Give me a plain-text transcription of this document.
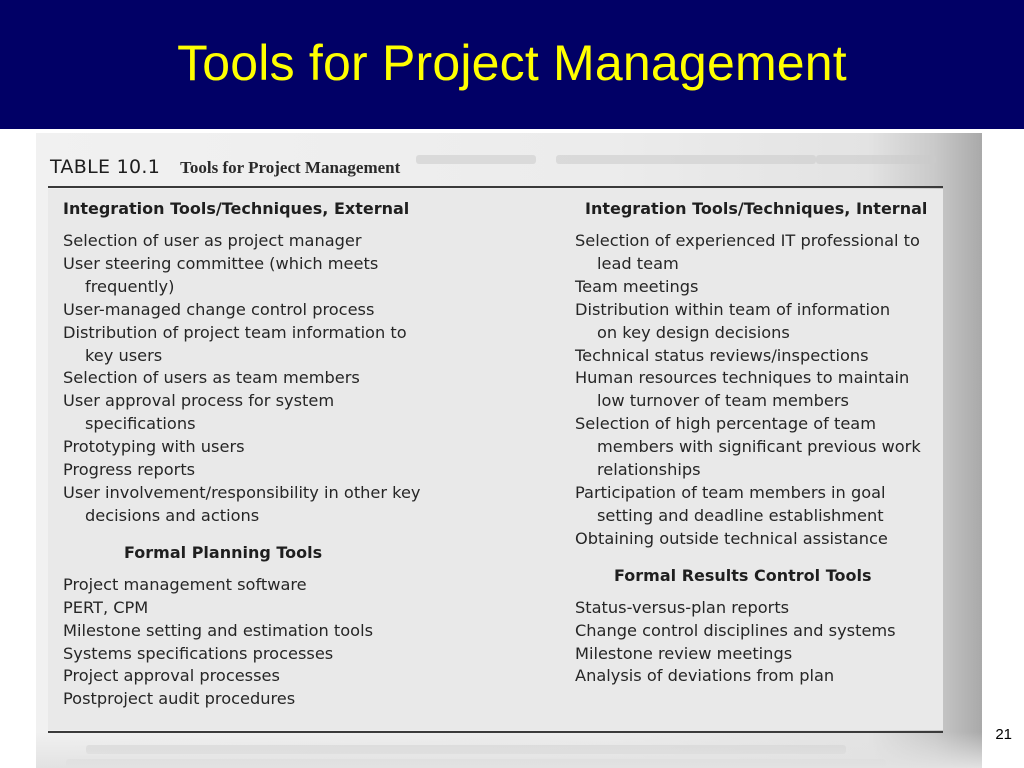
Tools for Project Management
TABLE 10.1 Tools for Project Management
Integration Tools/Techniques, External
Selection of user as project manager
User steering committee (which meets frequently)
User-managed change control process
Distribution of project team information to key users
Selection of users as team members
User approval process for system specifications
Prototyping with users
Progress reports
User involvement/responsibility in other key decisions and actions
Formal Planning Tools
Project management software
PERT, CPM
Milestone setting and estimation tools
Systems specifications processes
Project approval processes
Postproject audit procedures
Integration Tools/Techniques, Internal
Selection of experienced IT professional to lead team
Team meetings
Distribution within team of information on key design decisions
Technical status reviews/inspections
Human resources techniques to maintain low turnover of team members
Selection of high percentage of team members with significant previous work relationships
Participation of team members in goal setting and deadline establishment
Obtaining outside technical assistance
Formal Results Control Tools
Status-versus-plan reports
Change control disciplines and systems
Milestone review meetings
Analysis of deviations from plan
21
